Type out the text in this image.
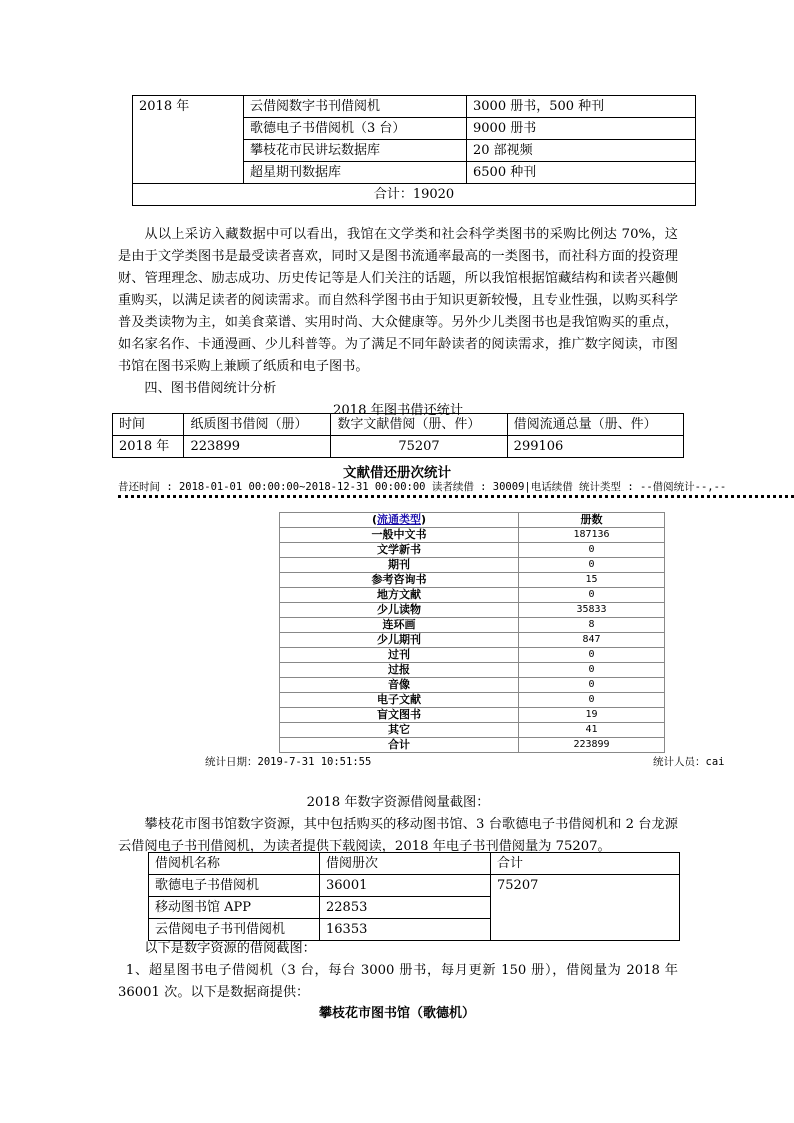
2018 年	云借阅数字书刊借阅机	3000 册书，500 种刊
	歌德电子书借阅机（3 台）	9000 册书
	攀枝花市民讲坛数据库	20 部视频
	超星期刊数据库	6500 种刊
合计：19020		

从以上采访入藏数据中可以看出，我馆在文学类和社会科学类图书的采购比例达 70%，这是由于文学类图书是最受读者喜欢，同时又是图书流通率最高的一类图书，而社科方面的投资理财、管理理念、励志成功、历史传记等是人们关注的话题，所以我馆根据馆藏结构和读者兴趣侧重购买，以满足读者的阅读需求。而自然科学图书由于知识更新较慢，且专业性强，以购买科学普及类读物为主，如美食菜谱、实用时尚、大众健康等。另外少儿类图书也是我馆购买的重点，如名家名作、卡通漫画、少儿科普等。为了满足不同年龄读者的阅读需求，推广数字阅读，市图书馆在图书采购上兼顾了纸质和电子图书。

四、图书借阅统计分析

2018 年图书借还统计
时间	纸质图书借阅（册）	数字文献借阅（册、件）	借阅流通总量（册、件）
2018 年	223899	75207	299106
文献借还册次统计
昔还时间 : 2018-01-01 00:00:00~2018-12-31 00:00:00 读者续借 : 30009|电话续借 统计类型 : --借阅统计--,--
(流通类型)	册数
一般中文书	187136
文学新书	0
期刊	0
参考咨询书	15
地方文献	0
少儿读物	35833
连环画	8
少儿期刊	847
过刊	0
过报	0
音像	0
电子文献	0
盲文图书	19
其它	41
合计	223899
统计日期：2019-7-31 10:51:55	统计人员：cai
2018 年数字资源借阅量截图：

攀枝花市图书馆数字资源，其中包括购买的移动图书馆、3 台歌德电子书借阅机和 2 台龙源云借阅电子书刊借阅机，为读者提供下载阅读，2018 年电子书刊借阅量为 75207。

借阅机名称	借阅册次	合计
歌德电子书借阅机	36001	75207
移动图书馆 APP	22853	
云借阅电子书刊借阅机	16353	

以下是数字资源的借阅截图：

1、超星图书电子借阅机（3 台，每台 3000 册书，每月更新 150 册），借阅量为 2018 年 36001 次。以下是数据商提供：

攀枝花市图书馆（歌德机）
